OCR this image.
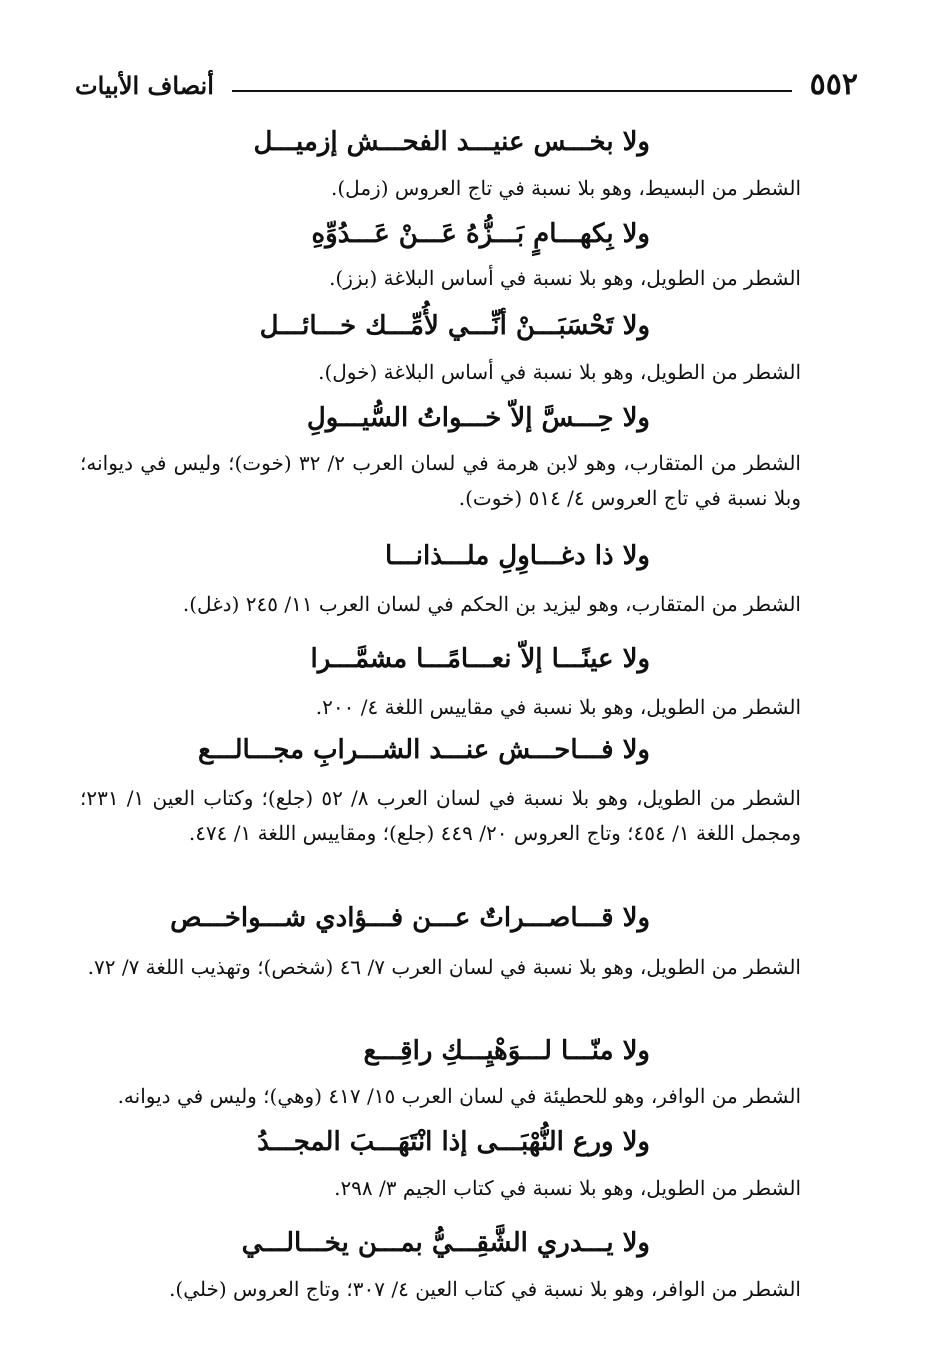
٥٥٢
أنصاف الأبيات
ولا بخـــس عنيـــد الفحـــش إزميـــل
الشطر من البسيط، وهو بلا نسبة في تاج العروس (زمل).
ولا بِكهـــامٍ بَـــزُّهُ عَـــنْ عَـــدُوِّهِ
الشطر من الطويل، وهو بلا نسبة في أساس البلاغة (بزز).
ولا تَحْسَبَـــنْ أنِّـــي لأُمِّـــك خـــائـــل
الشطر من الطويل، وهو بلا نسبة في أساس البلاغة (خول).
ولا حِـــسَّ إلاّ خـــواتُ السُّيـــولِ
الشطر من المتقارب، وهو لابن هرمة في لسان العرب ٢/ ٣٢ (خوت)؛ وليس في ديوانه؛ وبلا نسبة في تاج العروس ٤/ ٥١٤ (خوت).
ولا ذا دغـــاوِلِ ملـــذانـــا
الشطر من المتقارب، وهو ليزيد بن الحكم في لسان العرب ١١/ ٢٤٥ (دغل).
ولا عينًـــا إلاّ نعـــامًـــا مشمَّـــرا
الشطر من الطويل، وهو بلا نسبة في مقاييس اللغة ٤/ ٢٠٠.
ولا فـــاحـــش عنـــد الشـــرابِ مجـــالـــع
الشطر من الطويل، وهو بلا نسبة في لسان العرب ٨/ ٥٢ (جلع)؛ وكتاب العين ١/ ٢٣١؛ ومجمل اللغة ١/ ٤٥٤؛ وتاج العروس ٢٠/ ٤٤٩ (جلع)؛ ومقاييس اللغة ١/ ٤٧٤.
ولا قـــاصـــراتٌ عـــن فـــؤادي شـــواخـــص
الشطر من الطويل، وهو بلا نسبة في لسان العرب ٧/ ٤٦ (شخص)؛ وتهذيب اللغة ٧/ ٧٢.
ولا منّـــا لـــوَهْيِـــكِ راقِـــع
الشطر من الوافر، وهو للحطيئة في لسان العرب ١٥/ ٤١٧ (وهي)؛ وليس في ديوانه.
ولا ورع النُّهْبَـــى إذا انْتَهَـــبَ المجـــدُ
الشطر من الطويل، وهو بلا نسبة في كتاب الجيم ٣/ ٢٩٨.
ولا يـــدري الشَّقِـــيُّ بمـــن يخـــالـــي
الشطر من الوافر، وهو بلا نسبة في كتاب العين ٤/ ٣٠٧؛ وتاج العروس (خلي).
